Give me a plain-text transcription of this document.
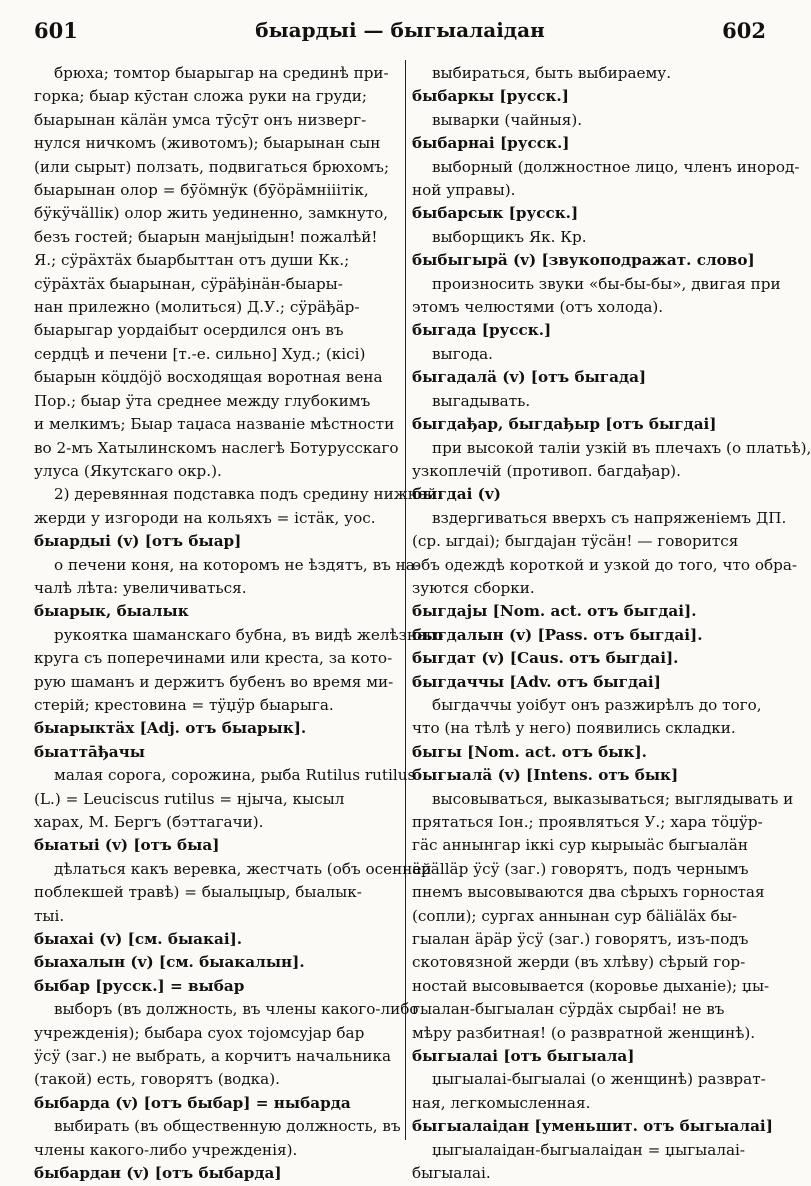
601	быардыі — быгыалаідан	602
брюха; томтор быарыгар на срединѣ при-
горка; быар кӯстан сложа руки на груди;
быарынан кӓлӓн умса тӯсӯт онъ низверг-
нулся ничкомъ (животомъ); быарынан сын
(или сырыт) ползать, подвигаться брюхомъ;
быарынан олор = бӯӧмнӱк (бӯӧрӓмнііітік,
бӱкӱчӓllік) олор жить уединенно, замкнуто,
безъ гостей; быарын манјыідын! пожалѣй!
Я.; сӱрӓхтӓх быарбыттан отъ души Кк.;
сӱрӓхтӓх быарынан, сӱрӓђінӓн-быары-
нан прилежно (молиться) Д.У.; сӱрӓђӓр-
быарыгар уордаібыт осердился онъ въ
сердцѣ и печени [т.-е. сильно] Худ.; (кісі)
быарын кӧџдӧјӧ восходящая воротная вена
Пор.; быар ӱта среднее между глубокимъ
и мелкимъ; Быар таџаса названіе мѣстности
во 2-мъ Хатылинскомъ наслегѣ Ботурусскаго
улуса (Якутскаго окр.).
2) деревянная подставка подъ средину нижней
жерди у изгороди на кольяхъ = істӓк, уос.
быардыі (v) [отъ быар]
о печени коня, на которомъ не ѣздятъ, въ на-
чалѣ лѣта: увеличиваться.
быарык, быалык
рукоятка шаманскаго бубна, въ видѣ желѣзнаго
круга съ поперечинами или креста, за кото-
рую шаманъ и держитъ бубенъ во время ми-
стерій; крестовина = тӱџӱр быарыга.
быарыктӓх [Adj. отъ быарык].
быатта̄ђачы
малая сорога, сорожина, рыба Rutilus rutilus
(L.) = Leuciscus rutilus = нјыча, кысыл
харах, М. Бергъ (бэттагачи).
быатыі (v) [отъ быа]
дѣлаться какъ веревка, жестчать (объ осенней
поблекшей травѣ) = быалыџыр, быалык-
тыі.
быахаі (v) [см. быакаі].
быахалын (v) [см. быакалын].
быбар [русск.] = выбар
выборъ (въ должность, въ члены какого-либо
учрежденія); быбара суох тојомсујар бар
ӱсӱ (заг.) не выбрать, а корчитъ начальника
(такой) есть, говорятъ (водка).
быбарда (v) [отъ быбар] = ныбарда
выбирать (въ общественную должность, въ
члены какого-либо учрежденія).
быбардан (v) [отъ быбарда]
выбираться, быть выбираему.
быбаркы [русск.]
выварки (чайныя).
быбарнаі [русск.]
выборный (должностное лицо, членъ инород-
ной управы).
быбарсык [русск.]
выборщикъ Як. Кр.
быбыгырӓ (v) [звукоподражат. слово]
произносить звуки «бы-бы-бы», двигая при
этомъ челюстями (отъ холода).
быгада [русск.]
выгода.
быгадалӓ (v) [отъ быгада]
выгадывать.
быгдађар, быгдађыр [отъ быгдаі]
при высокой таліи узкій въ плечахъ (о платьѣ),
узкоплечій (противоп. багдађар).
быгдаі (v)
вздергиваться вверхъ съ напряженіемъ ДП.
(ср. ыгдаі); быгдајан тӱсӓн! — говорится
объ одеждѣ короткой и узкой до того, что обра-
зуются сборки.
быгдајы [Nom. act. отъ быгдаі].
быгдалын (v) [Pass. отъ быгдаі].
быгдат (v) [Caus. отъ быгдаі].
быгдаччы [Adv. отъ быгдаі]
быгдаччы уоібут онъ разжирѣлъ до того,
что (на тѣлѣ у него) появились складки.
быгы [Nom. act. отъ бык].
быгыалӓ (v) [Intens. отъ бык]
высовываться, выказываться; выглядывать и
прятаться Іон.; проявляться У.; хара тӧџӱр-
гӓс аннынгар іккі сур кырыыӓс быгыалӓн
ӓрӓllӓр ӱсӱ (заг.) говорятъ, подъ чернымъ
пнемъ высовываются два сѣрыхъ горностая
(сопли); сургах аннынан сур бӓlіӓlӓх бы-
гыалан ӓрӓр ӱсӱ (заг.) говорятъ, изъ-подъ
скотовязной жерди (въ хлѣву) сѣрый гор-
ностай высовывается (коровье дыханіе); џы-
гыалан-быгыалан сӱрдӓх сырбаі! не въ
мѣру разбитная! (о развратной женщинѣ).
быгыалаі [отъ быгыала]
џыгыалаі-быгыалаі (о женщинѣ) разврат-
ная, легкомысленная.
быгыалаідан [уменьшит. отъ быгыалаі]
џыгыалаідан-быгыалаідан = џыгыалаі-
быгыалаі.
